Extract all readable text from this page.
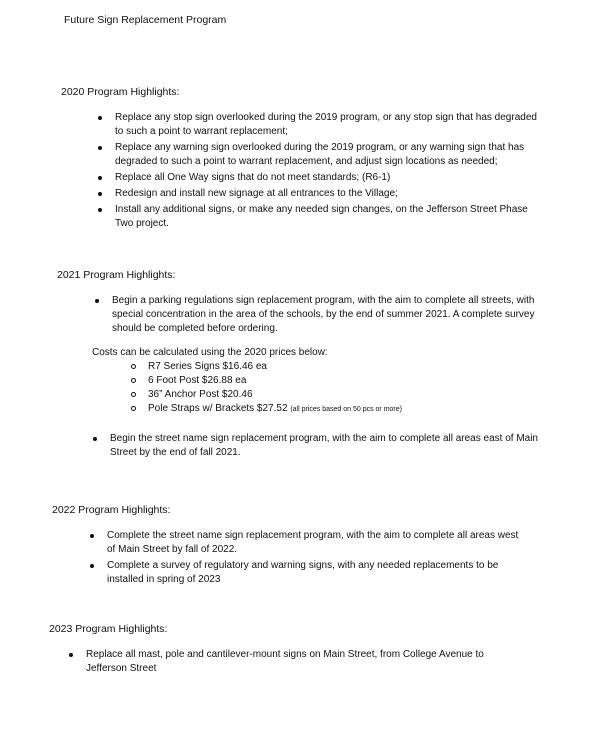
Future Sign Replacement Program
2020 Program Highlights:
Replace any stop sign overlooked during the 2019 program, or any stop sign that has degraded to such a point to warrant replacement;
Replace any warning sign overlooked during the 2019 program, or any warning sign that has degraded to such a point to warrant replacement, and adjust sign locations as needed;
Replace all One Way signs that do not meet standards; (R6-1)
Redesign and install new signage at all entrances to the Village;
Install any additional signs, or make any needed sign changes, on the Jefferson Street Phase Two project.
2021 Program Highlights:
Begin a parking regulations sign replacement program, with the aim to complete all streets, with special concentration in the area of the schools, by the end of summer 2021. A complete survey should be completed before ordering.
Costs can be calculated using the 2020 prices below:
R7 Series Signs $16.46 ea
6 Foot Post $26.88 ea
36” Anchor Post $20.46
Pole Straps w/ Brackets $27.52 (all prices based on 50 pcs or more)
Begin the street name sign replacement program, with the aim to complete all areas east of Main Street by the end of fall 2021.
2022 Program Highlights:
Complete the street name sign replacement program, with the aim to complete all areas west of Main Street by fall of 2022.
Complete a survey of regulatory and warning signs, with any needed replacements to be installed in spring of 2023
2023 Program Highlights:
Replace all mast, pole and cantilever-mount signs on Main Street, from College Avenue to Jefferson Street
